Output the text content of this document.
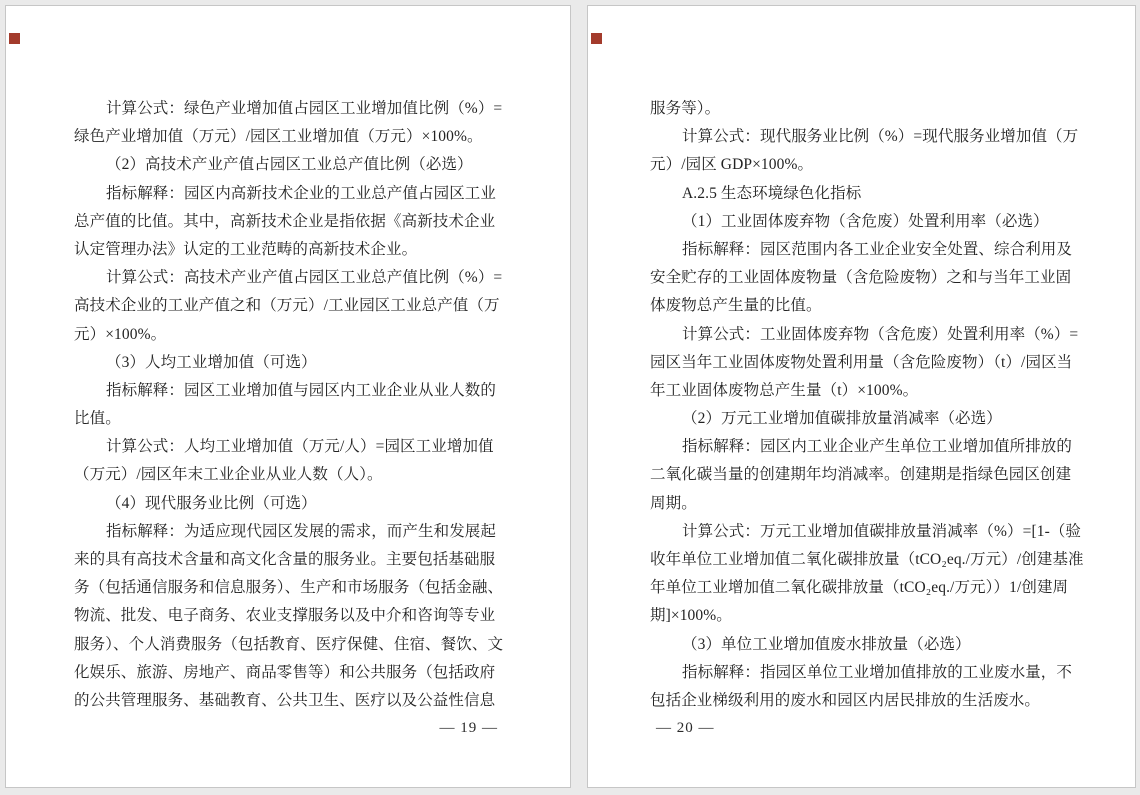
计算公式：绿色产业增加值占园区工业增加值比例（%）=
绿色产业增加值（万元）/园区工业增加值（万元）×100%。
（2）高技术产业产值占园区工业总产值比例（必选）
指标解释：园区内高新技术企业的工业总产值占园区工业
总产值的比值。其中，高新技术企业是指依据《高新技术企业
认定管理办法》认定的工业范畴的高新技术企业。
计算公式：高技术产业产值占园区工业总产值比例（%）=
高技术企业的工业产值之和（万元）/工业园区工业总产值（万
元）×100%。
（3）人均工业增加值（可选）
指标解释：园区工业增加值与园区内工业企业从业人数的
比值。
计算公式：人均工业增加值（万元/人）=园区工业增加值
（万元）/园区年末工业企业从业人数（人）。
（4）现代服务业比例（可选）
指标解释：为适应现代园区发展的需求，而产生和发展起
来的具有高技术含量和高文化含量的服务业。主要包括基础服
务（包括通信服务和信息服务）、生产和市场服务（包括金融、
物流、批发、电子商务、农业支撑服务以及中介和咨询等专业
服务）、个人消费服务（包括教育、医疗保健、住宿、餐饮、文
化娱乐、旅游、房地产、商品零售等）和公共服务（包括政府
的公共管理服务、基础教育、公共卫生、医疗以及公益性信息
— 19 —
服务等）。
计算公式：现代服务业比例（%）=现代服务业增加值（万
元）/园区 GDP×100%。
A.2.5 生态环境绿色化指标
（1）工业固体废弃物（含危废）处置利用率（必选）
指标解释：园区范围内各工业企业安全处置、综合利用及
安全贮存的工业固体废物量（含危险废物）之和与当年工业固
体废物总产生量的比值。
计算公式：工业固体废弃物（含危废）处置利用率（%）=
园区当年工业固体废物处置利用量（含危险废物）（t）/园区当
年工业固体废物总产生量（t）×100%。
（2）万元工业增加值碳排放量消减率（必选）
指标解释：园区内工业企业产生单位工业增加值所排放的
二氧化碳当量的创建期年均消减率。创建期是指绿色园区创建
周期。
计算公式：万元工业增加值碳排放量消减率（%）=[1-（验
收年单位工业增加值二氧化碳排放量（tCO₂eq./万元）/创建基准
年单位工业增加值二氧化碳排放量（tCO₂eq./万元））1/创建周
期]×100%。
（3）单位工业增加值废水排放量（必选）
指标解释：指园区单位工业增加值排放的工业废水量，不
包括企业梯级利用的废水和园区内居民排放的生活废水。
— 20 —
